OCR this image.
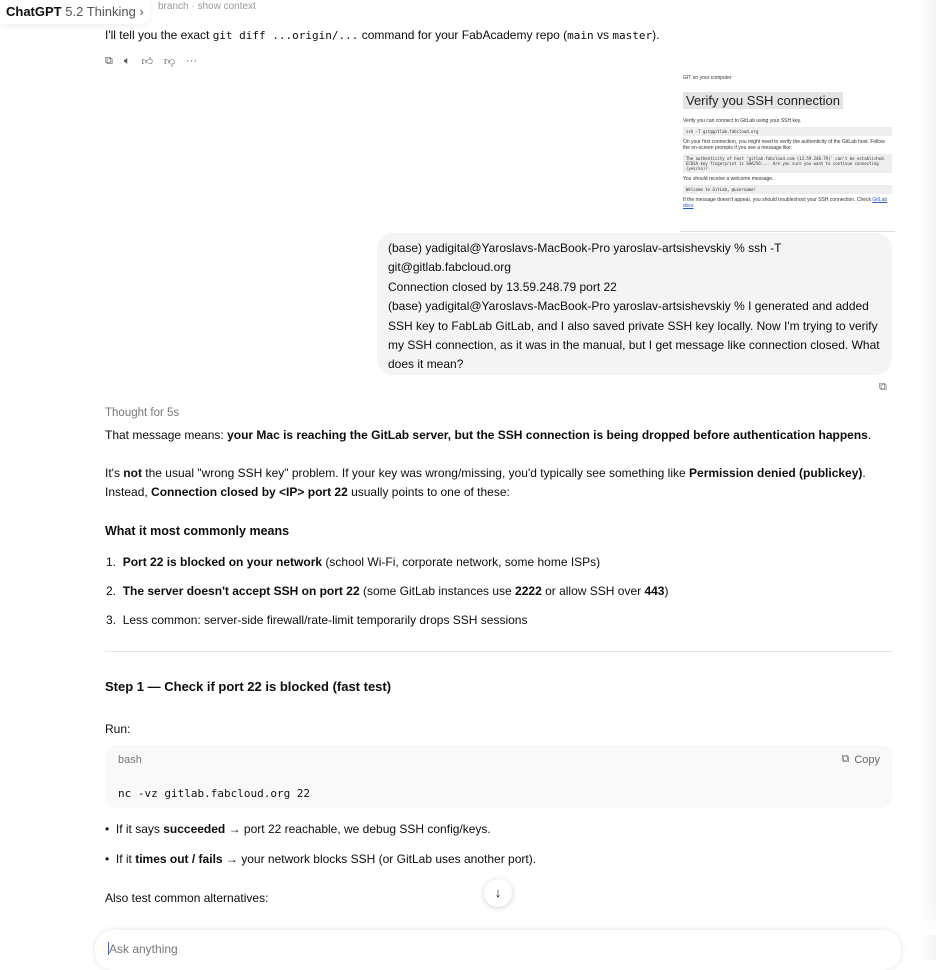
branch · show context
ChatGPT 5.2 Thinking ›
I'll tell you the exact git diff ...origin/... command for your FabAcademy repo (main vs master).
⧉ 🔈︎ 👍︎ 👎︎ ···

GIT on your computer

Verify you SSH connection

Verify you can connect to GitLab using your SSH key.

ssh -T git@gitlab.fabcloud.org

On your first connection, you might need to verify the authenticity of the GitLab host. Follow the on-screen prompts if you see a message like:

The authenticity of host 'gitlab.fabcloud.com (13.59.248.79)' can't be established. ECDSA key fingerprint is SHA256:... Are you sure you want to continue connecting (yes/no)?

You should receive a welcome message.

Welcome to GitLab, @username!

If the message doesn't appear, you should troubleshoot your SSH connection. Check GitLab docs

(base) yadigital@Yaroslavs-MacBook-Pro yaroslav-artsishevskiy % ssh -T
git@gitlab.fabcloud.org
Connection closed by 13.59.248.79 port 22
(base) yadigital@Yaroslavs-MacBook-Pro yaroslav-artsishevskiy % I generated and added
SSH key to FabLab GitLab, and I also saved private SSH key locally. Now I'm trying to verify
my SSH connection, as it was in the manual, but I get message like connection closed. What
does it mean?
⧉
Thought for 5s
That message means: your Mac is reaching the GitLab server, but the SSH connection is being dropped before authentication happens.
It's not the usual "wrong SSH key" problem. If your key was wrong/missing, you'd typically see something like Permission denied (publickey).
Instead, Connection closed by <IP> port 22 usually points to one of these:
What it most commonly means
1. Port 22 is blocked on your network (school Wi-Fi, corporate network, some home ISPs)
2. The server doesn't accept SSH on port 22 (some GitLab instances use 2222 or allow SSH over 443)
3. Less common: server-side firewall/rate-limit temporarily drops SSH sessions
Step 1 — Check if port 22 is blocked (fast test)
Run:
bash	⧉ Copy
nc -vz gitlab.fabcloud.org 22
•  If it says succeeded → port 22 reachable, we debug SSH config/keys.
•  If it times out / fails → your network blocks SSH (or GitLab uses another port).
Also test common alternatives:	↓
Ask anything
